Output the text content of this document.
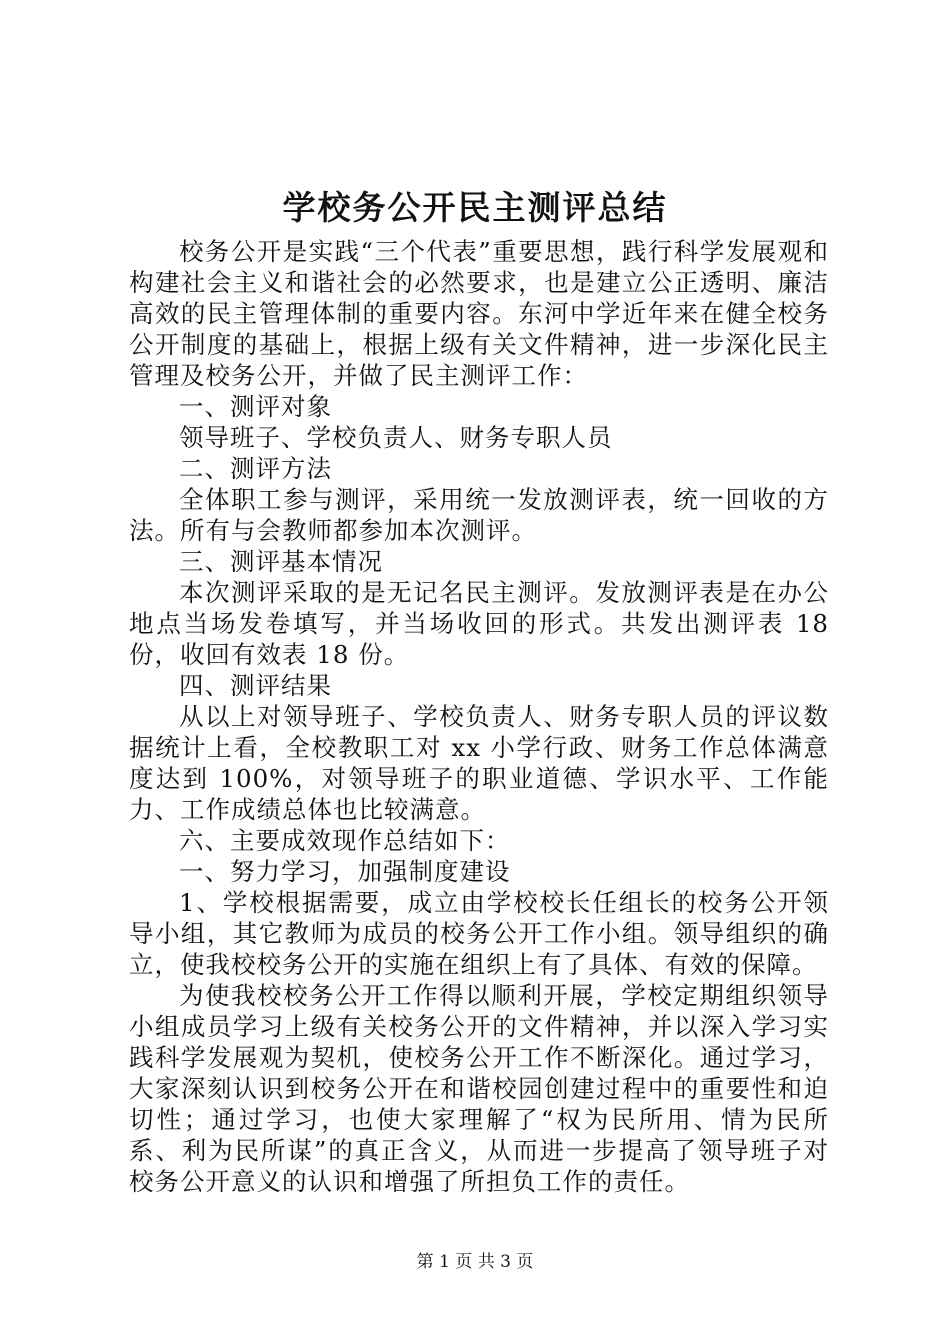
学校务公开民主测评总结

校务公开是实践“三个代表”重要思想，践行科学发展观和构建社会主义和谐社会的必然要求，也是建立公正透明、廉洁高效的民主管理体制的重要内容。东河中学近年来在健全校务公开制度的基础上，根据上级有关文件精神，进一步深化民主管理及校务公开，并做了民主测评工作：

一、测评对象

领导班子、学校负责人、财务专职人员

二、测评方法

全体职工参与测评，采用统一发放测评表，统一回收的方法。所有与会教师都参加本次测评。

三、测评基本情况

本次测评采取的是无记名民主测评。发放测评表是在办公地点当场发卷填写，并当场收回的形式。共发出测评表 18 份，收回有效表 18 份。

四、测评结果

从以上对领导班子、学校负责人、财务专职人员的评议数据统计上看，全校教职工对 xx 小学行政、财务工作总体满意度达到 100%，对领导班子的职业道德、学识水平、工作能力、工作成绩总体也比较满意。

六、主要成效现作总结如下：

一、努力学习，加强制度建设

1、学校根据需要，成立由学校校长任组长的校务公开领导小组，其它教师为成员的校务公开工作小组。领导组织的确立，使我校校务公开的实施在组织上有了具体、有效的保障。

为使我校校务公开工作得以顺利开展，学校定期组织领导小组成员学习上级有关校务公开的文件精神，并以深入学习实践科学发展观为契机，使校务公开工作不断深化。通过学习，大家深刻认识到校务公开在和谐校园创建过程中的重要性和迫切性；通过学习，也使大家理解了“权为民所用、情为民所系、利为民所谋”的真正含义，从而进一步提高了领导班子对校务公开意义的认识和增强了所担负工作的责任。

第 1 页 共 3 页
